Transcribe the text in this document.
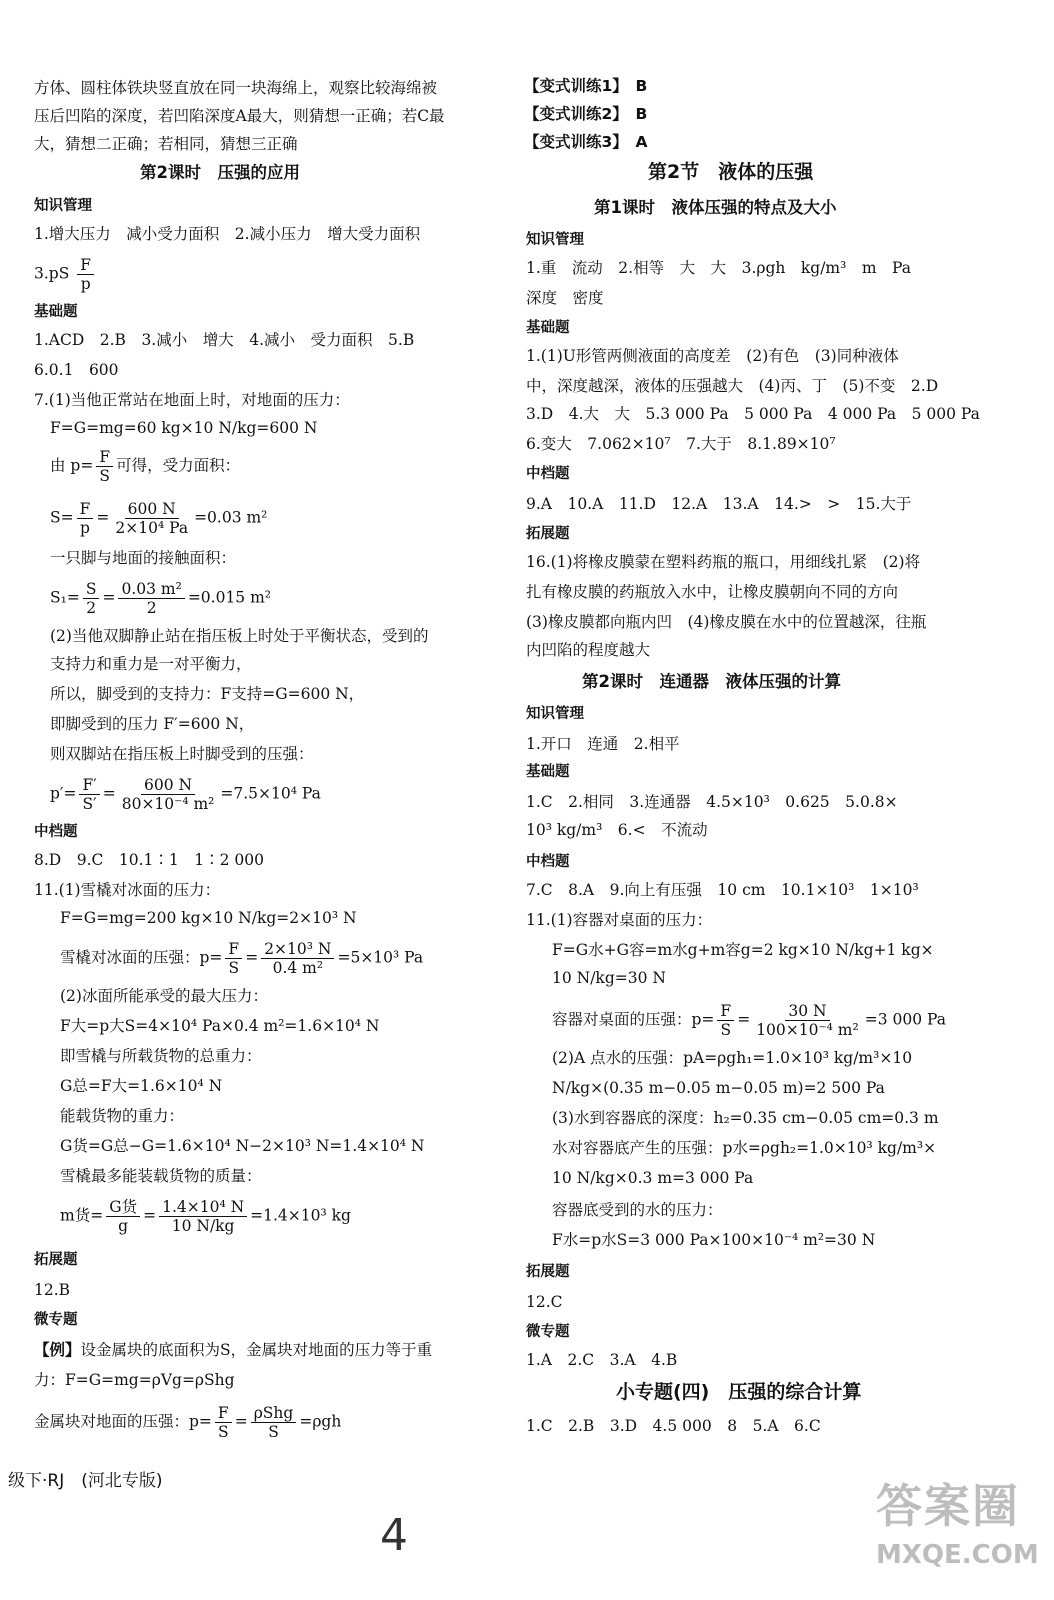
方体、圆柱体铁块竖直放在同一块海绵上，观察比较海绵被
压后凹陷的深度，若凹陷深度A最大，则猜想一正确；若C最
大，猜想二正确；若相同，猜想三正确
第2课时　压强的应用
知识管理
1.增大压力　减小受力面积　2.减小压力　增大受力面积
$3.pS \frac{F}{p}$
基础题
1.ACD　2.B　3.减小　增大　4.减小　受力面积　5.B
6.0.1　600
7.(1)当他正常站在地面上时，对地面的压力：
F=G=mg=60 kg×10 N/kg=600 N
由 $p= \frac{F}{S}$ 可得，受力面积：
$S= \frac{F}{p} = \frac{600 N}{\text{2×10⁴ Pa}} =0.03$ m²
一只脚与地面的接触面积：
$S_1= \frac{S}{2} = \frac{\text{0.03 m²}}{2} =0.015$ m²
(2)当他双脚静止站在指压板上时处于平衡状态，受到的
支持力和重力是一对平衡力，
所以，脚受到的支持力：F支持=G=600 N，
即脚受到的压力 F′=600 N，
则双脚站在指压板上时脚受到的压强：
$p'= \frac{F'}{S'} = \frac{600 N}{\text{80×10⁻⁴ m²}} =7.5\times 10^4$ Pa
中档题
8.D　9.C　10.1∶1　1∶2 000
11.(1)雪橇对冰面的压力：
F=G=mg=200 kg×10 N/kg=2×10³ N
雪橇对冰面的压强：$p= \frac{F}{S} = \frac{\text{2×10³ N}}{\text{0.4 m²}} =5\times 10^3$ Pa
(2)冰面所能承受的最大压力：
F大=p大S=4×10⁴ Pa×0.4 m²=1.6×10⁴ N
即雪橇与所载货物的总重力：
G总=F大=1.6×10⁴ N
能载货物的重力：
G货=G总−G=1.6×10⁴ N−2×10³ N=1.4×10⁴ N
雪橇最多能装载货物的质量：
m货= G货
g
= $\frac{\text{1.4×10⁴ N}}{10 N/kg} =1.4\times 10^3$ kg
拓展题
12.B
微专题
【例】设金属块的底面积为S，金属块对地面的压力等于重
力：F=G=mg=ρVg=ρShg
金属块对地面的压强：$p= \frac{F}{S} = \rho Shg$
S
=ρgh
【变式训练1】　B
【变式训练2】　B
【变式训练3】　A
第2节　液体的压强
第1课时　液体压强的特点及大小
知识管理
1.重　流动　2.相等　大　大　3.ρgh　kg/m³　m　Pa
深度　密度
基础题
1.(1)U形管两侧液面的高度差　(2)有色　(3)同种液体
中，深度越深，液体的压强越大　(4)丙、丁　(5)不变　2.D
3.D　4.大　大　5.3 000 Pa　5 000 Pa　4 000 Pa　5 000 Pa
6.变大　7.062×10⁷　7.大于　8.1.89×10⁷
中档题
9.A　10.A　11.D　12.A　13.A　14.>　>　15.大于
拓展题
16.(1)将橡皮膜蒙在塑料药瓶的瓶口，用细线扎紧　(2)将
扎有橡皮膜的药瓶放入水中，让橡皮膜朝向不同的方向
(3)橡皮膜都向瓶内凹　(4)橡皮膜在水中的位置越深，往瓶
内凹陷的程度越大
第2课时　连通器　液体压强的计算
知识管理
1.开口　连通　2.相平
基础题
1.C　2.相同　3.连通器　4.5×10³　0.625　5.0.8×
10³ kg/m³　6.<　不流动
中档题
7.C　8.A　9.向上有压强　10 cm　10.1×10³　1×10³
11.(1)容器对桌面的压力：
F=G水+G容=m水g+m容g=2 kg×10 N/kg+1 kg×
10 N/kg=30 N
容器对桌面的压强：$p= \frac{F}{S} = \frac{30 N}{\text{100×10⁻⁴ m²}} =3$ 000 Pa
(2)A 点水的压强：pA=ρgh₁=1.0×10³ kg/m³×10
N/kg×(0.35 m−0.05 m−0.05 m)=2 500 Pa
(3)水到容器底的深度：h₂=0.35 cm−0.05 cm=0.3 m
水对容器底产生的压强：p水=ρgh₂=1.0×10³ kg/m³×
10 N/kg×0.3 m=3 000 Pa
容器底受到的水的压力：
F水=p水S=3 000 Pa×100×10⁻⁴ m²=30 N
拓展题
12.C
微专题
1.A　2.C　3.A　4.B
小专题(四)　压强的综合计算
1.C　2.B　3.D　4.5 000　8　5.A　6.C
级下·RJ　(河北专版)
4
答案圈
MXQE.COM
